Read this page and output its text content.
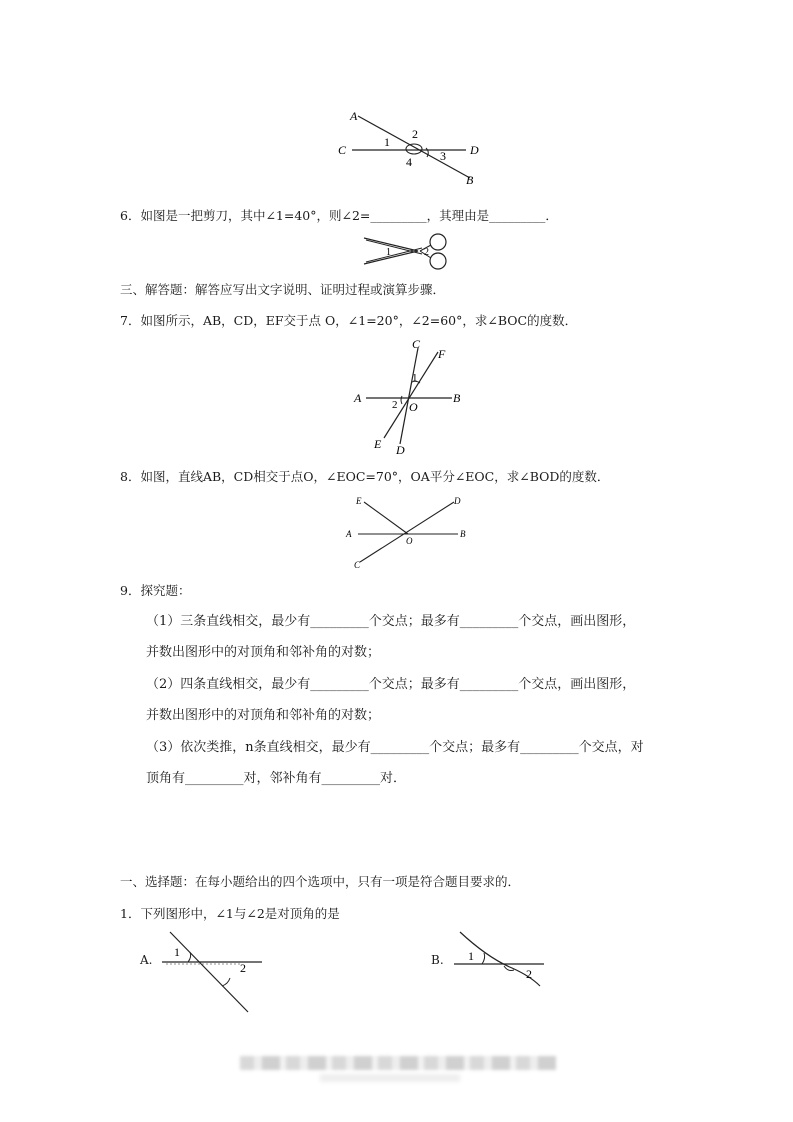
A
C	D
B
1
2
3
4
6．如图是一把剪刀，其中∠1=40°，则∠2=_________，其理由是_________．
1	2
三、解答题：解答应写出文字说明、证明过程或演算步骤．
7．如图所示，AB，CD，EF交于点 O，∠1=20°，∠2=60°，求∠BOC的度数．
C
F
A	B
O
E D
1
2
8．如图，直线AB，CD相交于点O，∠EOC=70°，OA平分∠EOC，求∠BOD的度数．
E	D
A	B
O
C
9．探究题：
（1）三条直线相交，最少有_________个交点；最多有_________个交点，画出图形，
并数出图形中的对顶角和邻补角的对数；
（2）四条直线相交，最少有_________个交点；最多有_________个交点，画出图形，
并数出图形中的对顶角和邻补角的对数；
（3）依次类推，n条直线相交，最少有_________个交点；最多有_________个交点，对
顶角有_________对，邻补角有_________对．
一、选择题：在每小题给出的四个选项中，只有一项是符合题目要求的．
1．下列图形中，∠1与∠2是对顶角的是
A.
1
2
B. 1
2
